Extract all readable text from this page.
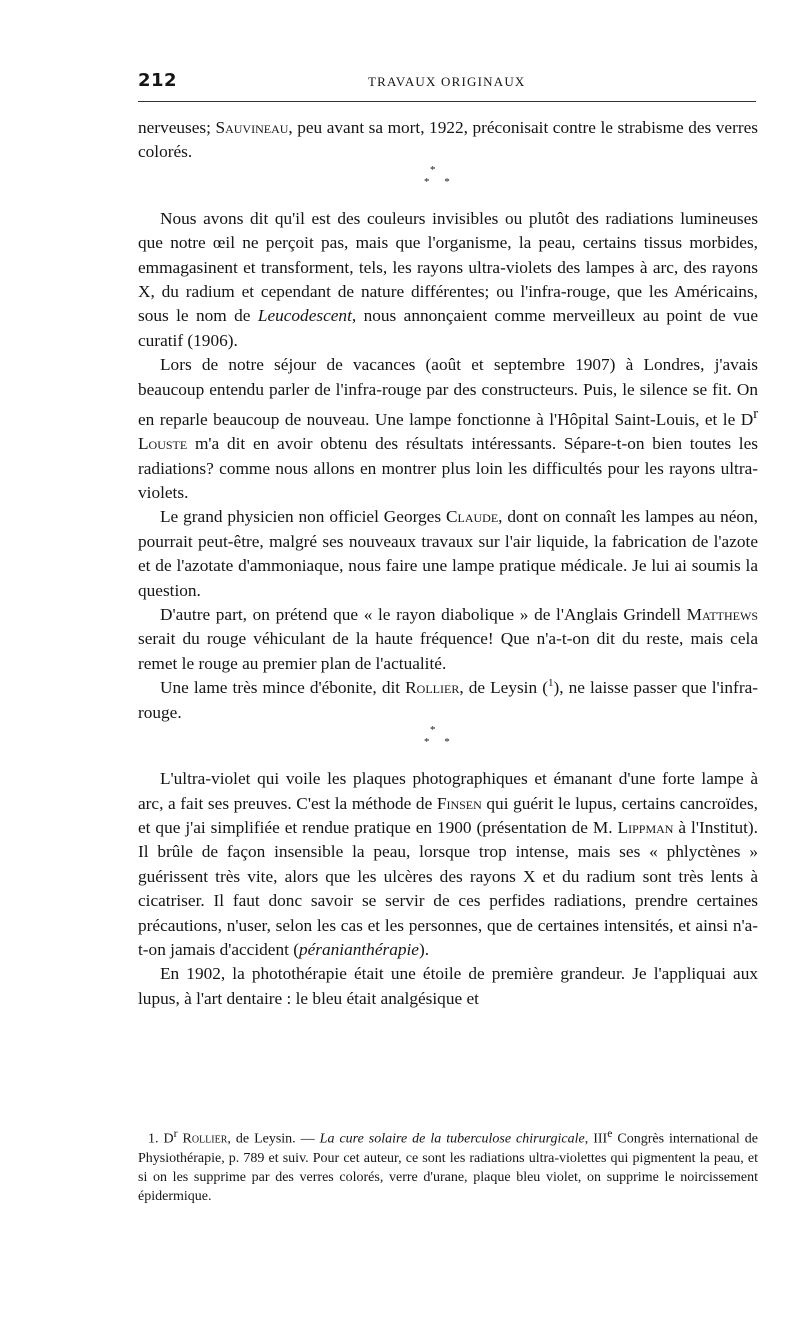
212	TRAVAUX ORIGINAUX

nerveuses; Sauvineau, peu avant sa mort, 1922, préconisait contre le strabisme des verres colorés.

*
* *

Nous avons dit qu'il est des couleurs invisibles ou plutôt des radiations lumineuses que notre œil ne perçoit pas, mais que l'organisme, la peau, certains tissus morbides, emmagasinent et transforment, tels, les rayons ultra-violets des lampes à arc, des rayons X, du radium et cependant de nature différentes; ou l'infra-rouge, que les Américains, sous le nom de Leucodescent, nous annonçaient comme merveilleux au point de vue curatif (1906).

Lors de notre séjour de vacances (août et septembre 1907) à Londres, j'avais beaucoup entendu parler de l'infra-rouge par des constructeurs. Puis, le silence se fit. On en reparle beaucoup de nouveau. Une lampe fonctionne à l'Hôpital Saint-Louis, et le $D^r$ Louste m'a dit en avoir obtenu des résultats intéressants. Sépare-t-on bien toutes les radiations? comme nous allons en montrer plus loin les difficultés pour les rayons ultra-violets.

Le grand physicien non officiel Georges Claude, dont on connaît les lampes au néon, pourrait peut-être, malgré ses nouveaux travaux sur l'air liquide, la fabrication de l'azote et de l'azotate d'ammoniaque, nous faire une lampe pratique médicale. Je lui ai soumis la question.

D'autre part, on prétend que « le rayon diabolique » de l'Anglais Grindell Matthews serait du rouge véhiculant de la haute fréquence! Que n'a-t-on dit du reste, mais cela remet le rouge au premier plan de l'actualité.

Une lame très mince d'ébonite, dit Rollier, de Leysin ($^1$), ne laisse passer que l'infra-rouge.

*
* *

L'ultra-violet qui voile les plaques photographiques et émanant d'une forte lampe à arc, a fait ses preuves. C'est la méthode de Finsen qui guérit le lupus, certains cancroïdes, et que j'ai simplifiée et rendue pratique en 1900 (présentation de M. Lippman à l'Institut). Il brûle de façon insensible la peau, lorsque trop intense, mais ses « phlyctènes » guérissent très vite, alors que les ulcères des rayons X et du radium sont très lents à cicatriser. Il faut donc savoir se servir de ces perfides radiations, prendre certaines précautions, n'user, selon les cas et les personnes, que de certaines intensités, et ainsi n'a-t-on jamais d'accident (péranianthérapie).

En 1902, la photothérapie était une étoile de première grandeur. Je l'appliquai aux lupus, à l'art dentaire : le bleu était analgésique et

1. $D^r$ Rollier, de Leysin. — La cure solaire de la tuberculose chirurgicale, IIIe Congrès international de Physiothérapie, p. 789 et suiv. Pour cet auteur, ce sont les radiations ultra-violettes qui pigmentent la peau, et si on les supprime par des verres colorés, verre d'urane, plaque bleu violet, on supprime le noircissement épidermique.
